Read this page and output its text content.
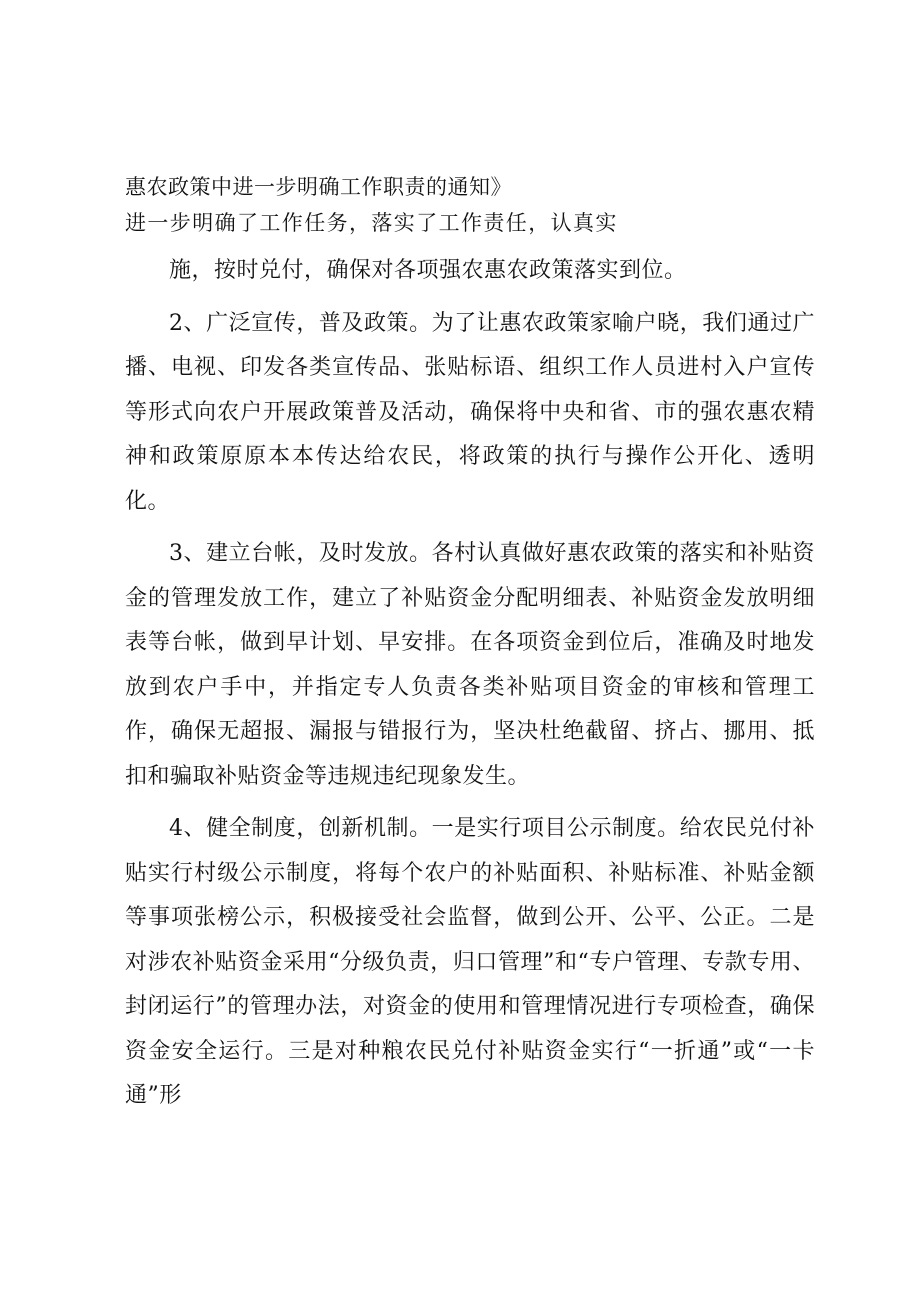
惠农政策中进一步明确工作职责的通知》
进一步明确了工作任务，落实了工作责任，认真实

施，按时兑付，确保对各项强农惠农政策落实到位。

2、广泛宣传，普及政策。为了让惠农政策家喻户晓，我们通过广播、电视、印发各类宣传品、张贴标语、组织工作人员进村入户宣传等形式向农户开展政策普及活动，确保将中央和省、市的强农惠农精神和政策原原本本传达给农民，将政策的执行与操作公开化、透明化。

3、建立台帐，及时发放。各村认真做好惠农政策的落实和补贴资金的管理发放工作，建立了补贴资金分配明细表、补贴资金发放明细表等台帐，做到早计划、早安排。在各项资金到位后，准确及时地发放到农户手中，并指定专人负责各类补贴项目资金的审核和管理工作，确保无超报、漏报与错报行为，坚决杜绝截留、挤占、挪用、抵扣和骗取补贴资金等违规违纪现象发生。

4、健全制度，创新机制。一是实行项目公示制度。给农民兑付补贴实行村级公示制度，将每个农户的补贴面积、补贴标准、补贴金额等事项张榜公示，积极接受社会监督，做到公开、公平、公正。二是对涉农补贴资金采用“分级负责，归口管理”和“专户管理、专款专用、封闭运行”的管理办法，对资金的使用和管理情况进行专项检查，确保资金安全运行。三是对种粮农民兑付补贴资金实行“一折通”或“一卡通”形
